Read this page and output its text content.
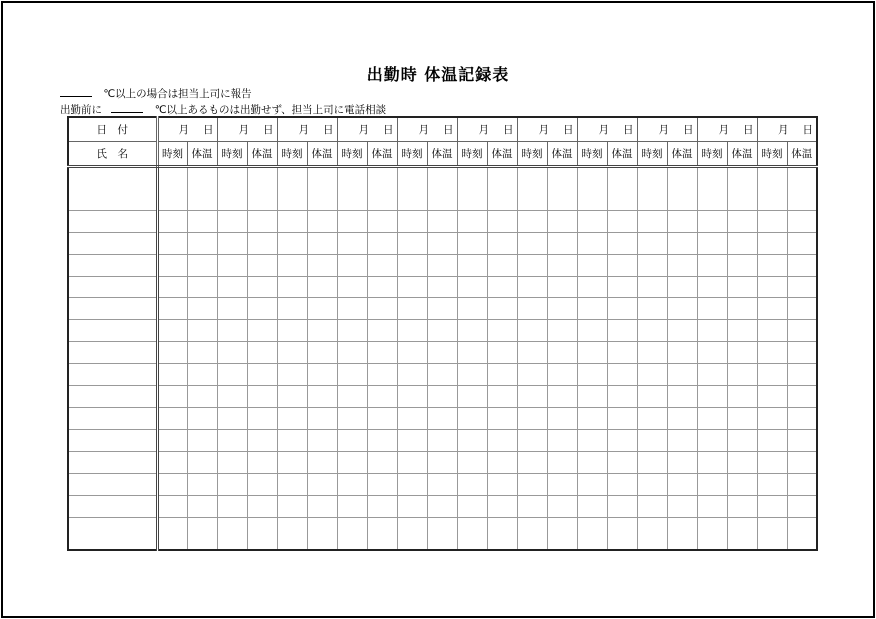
出勤時 体温記録表
℃以上の場合は担当上司に報告
出勤前に	℃以上あるものは出勤せず、担当上司に電話相談
日　付	月 日		月 日		月 日		月 日		月 日		月 日		月 日		月 日		月 日		月 日		月 日	
氏　名	時刻	体温	時刻	体温	時刻	体温	時刻	体温	時刻	体温	時刻	体温	時刻	体温	時刻	体温	時刻	体温	時刻	体温	時刻	体温
